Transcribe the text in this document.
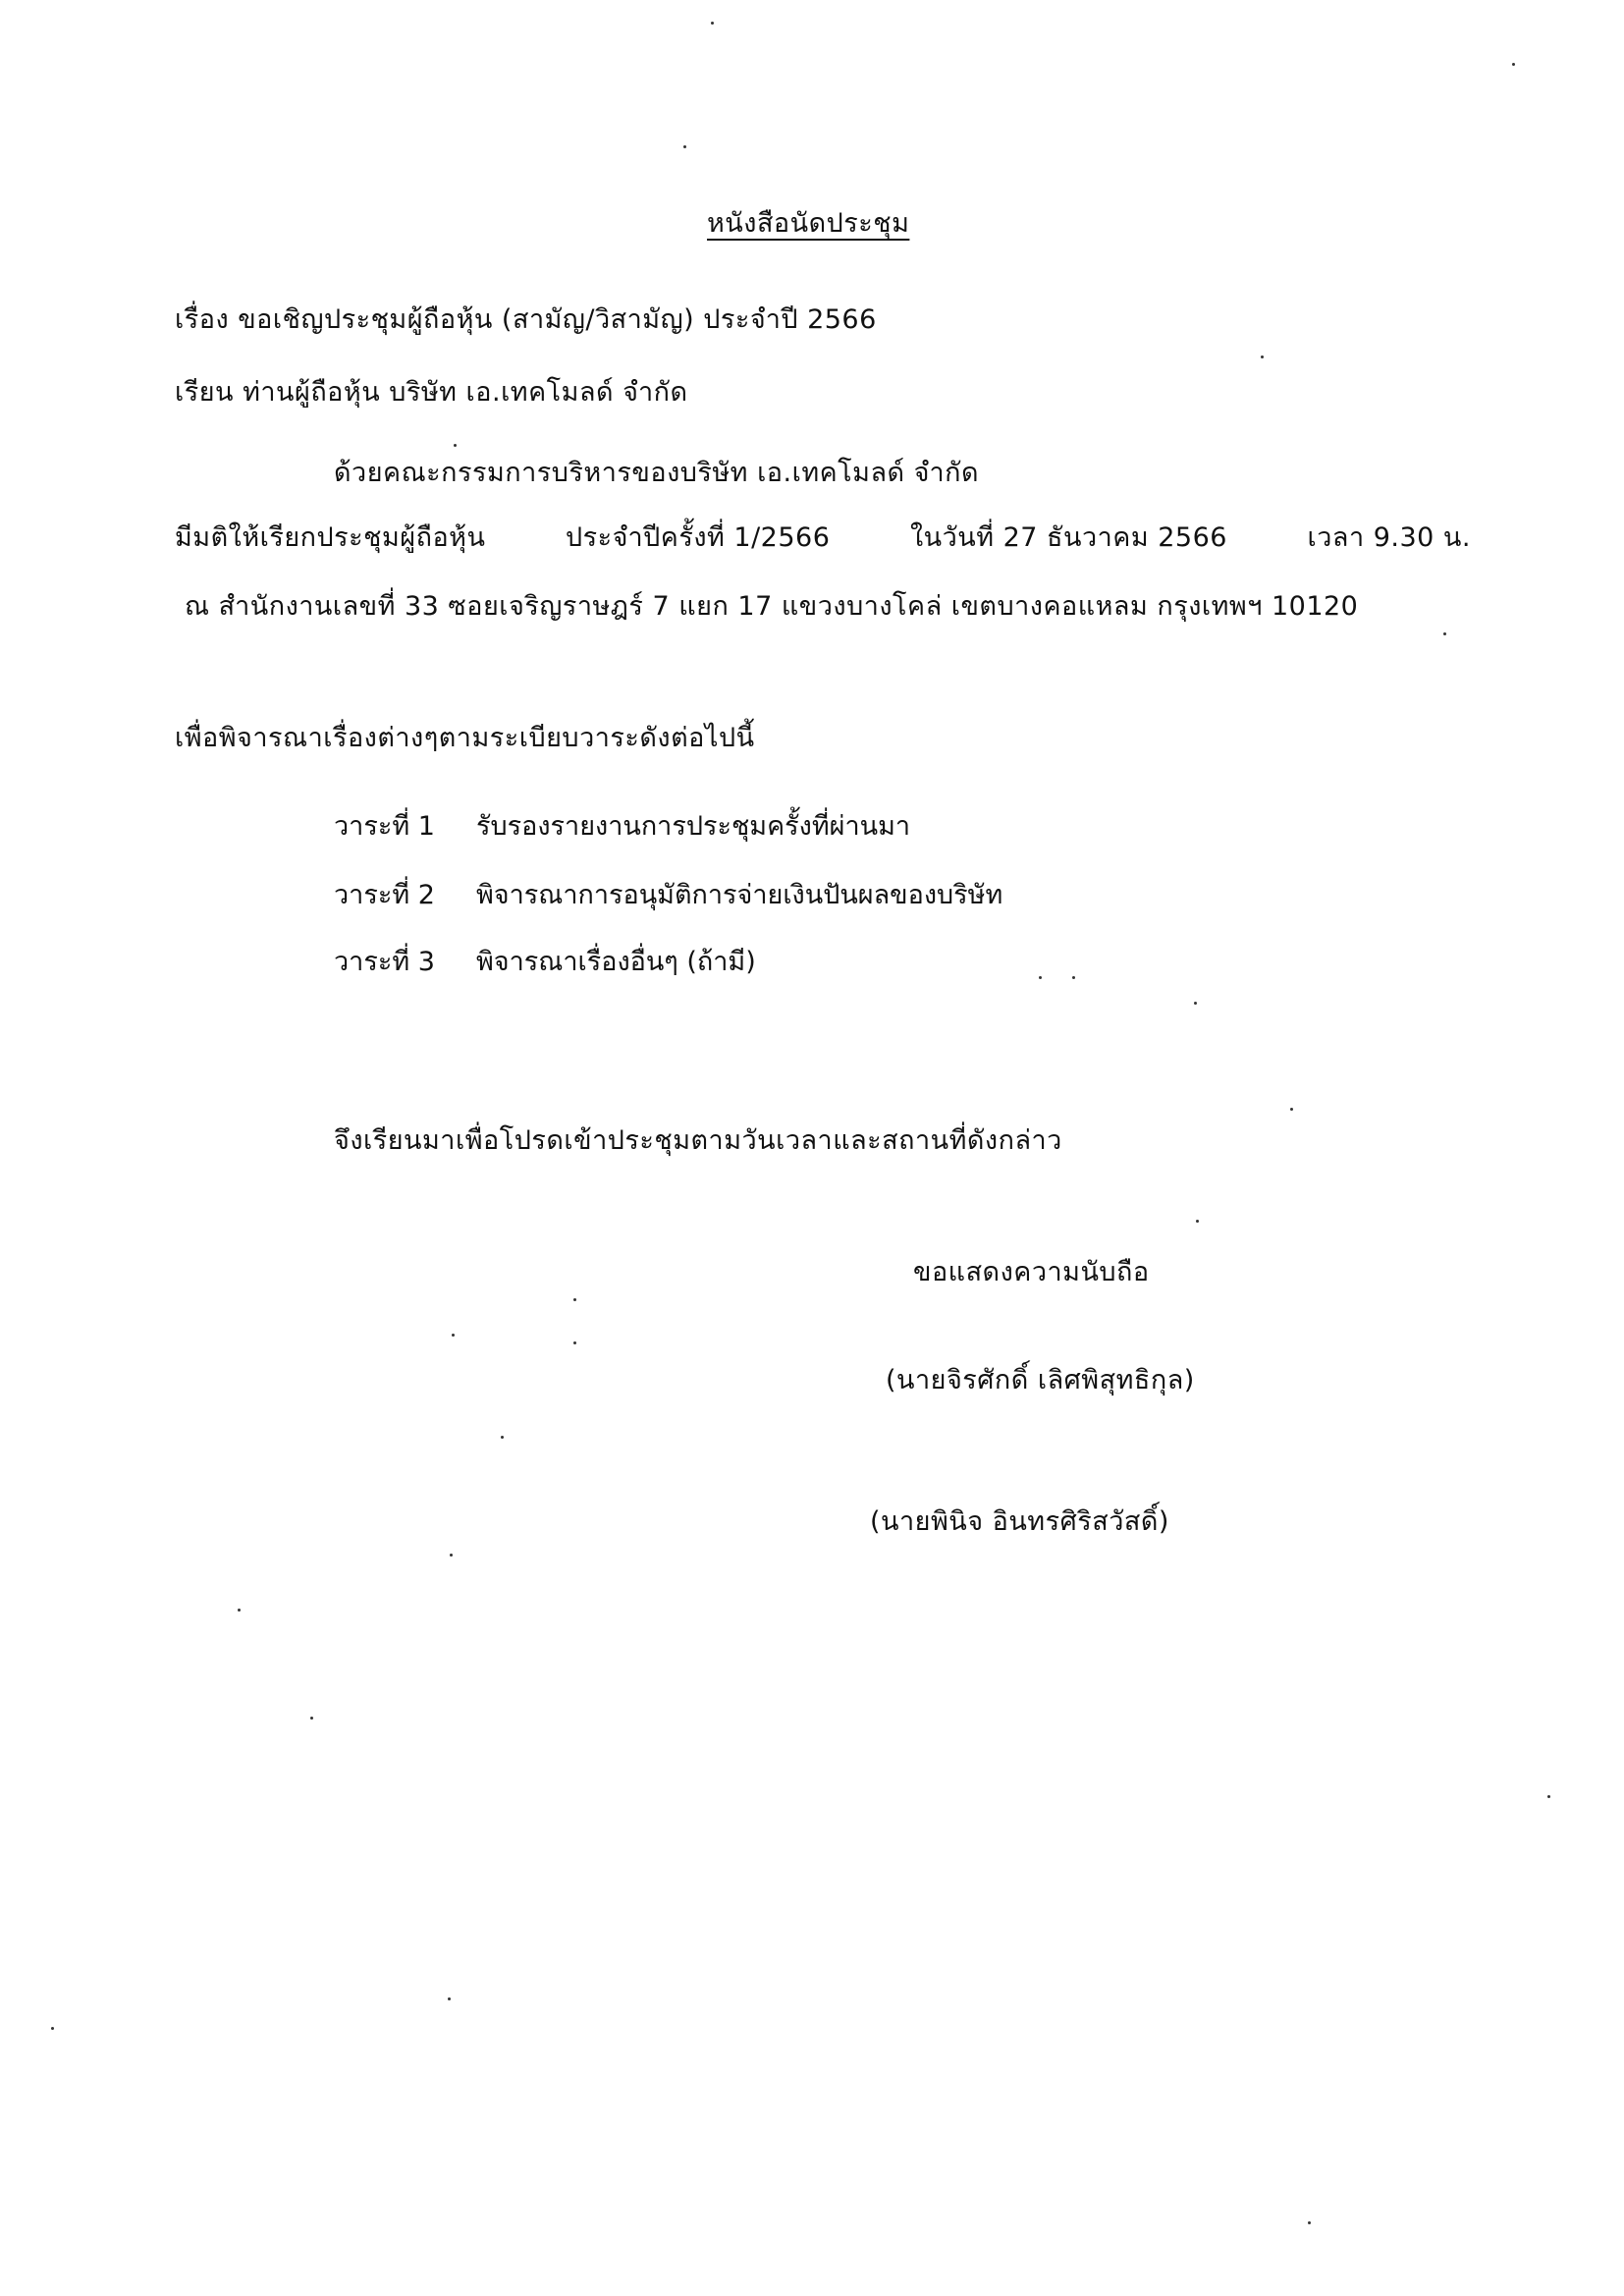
หนังสือนัดประชุม
เรื่อง ขอเชิญประชุมผู้ถือหุ้น (สามัญ/วิสามัญ) ประจำปี 2566
เรียน ท่านผู้ถือหุ้น บริษัท เอ.เทคโมลด์ จำกัด
ด้วยคณะกรรมการบริหารของบริษัท เอ.เทคโมลด์ จำกัด
มีมติให้เรียกประชุมผู้ถือหุ้น	ประจำปีครั้งที่ 1/2566	ในวันที่ 27 ธันวาคม 2566	เวลา 9.30 น.
ณ สำนักงานเลขที่ 33 ซอยเจริญราษฎร์ 7 แยก 17 แขวงบางโคล่ เขตบางคอแหลม กรุงเทพฯ 10120
เพื่อพิจารณาเรื่องต่างๆตามระเบียบวาระดังต่อไปนี้
วาระที่ 1 รับรองรายงานการประชุมครั้งที่ผ่านมา
วาระที่ 2 พิจารณาการอนุมัติการจ่ายเงินปันผลของบริษัท
วาระที่ 3 พิจารณาเรื่องอื่นๆ (ถ้ามี)
จึงเรียนมาเพื่อโปรดเข้าประชุมตามวันเวลาและสถานที่ดังกล่าว
ขอแสดงความนับถือ
(นายจิรศักดิ์ เลิศพิสุทธิกุล)
(นายพินิจ อินทรศิริสวัสดิ์)
